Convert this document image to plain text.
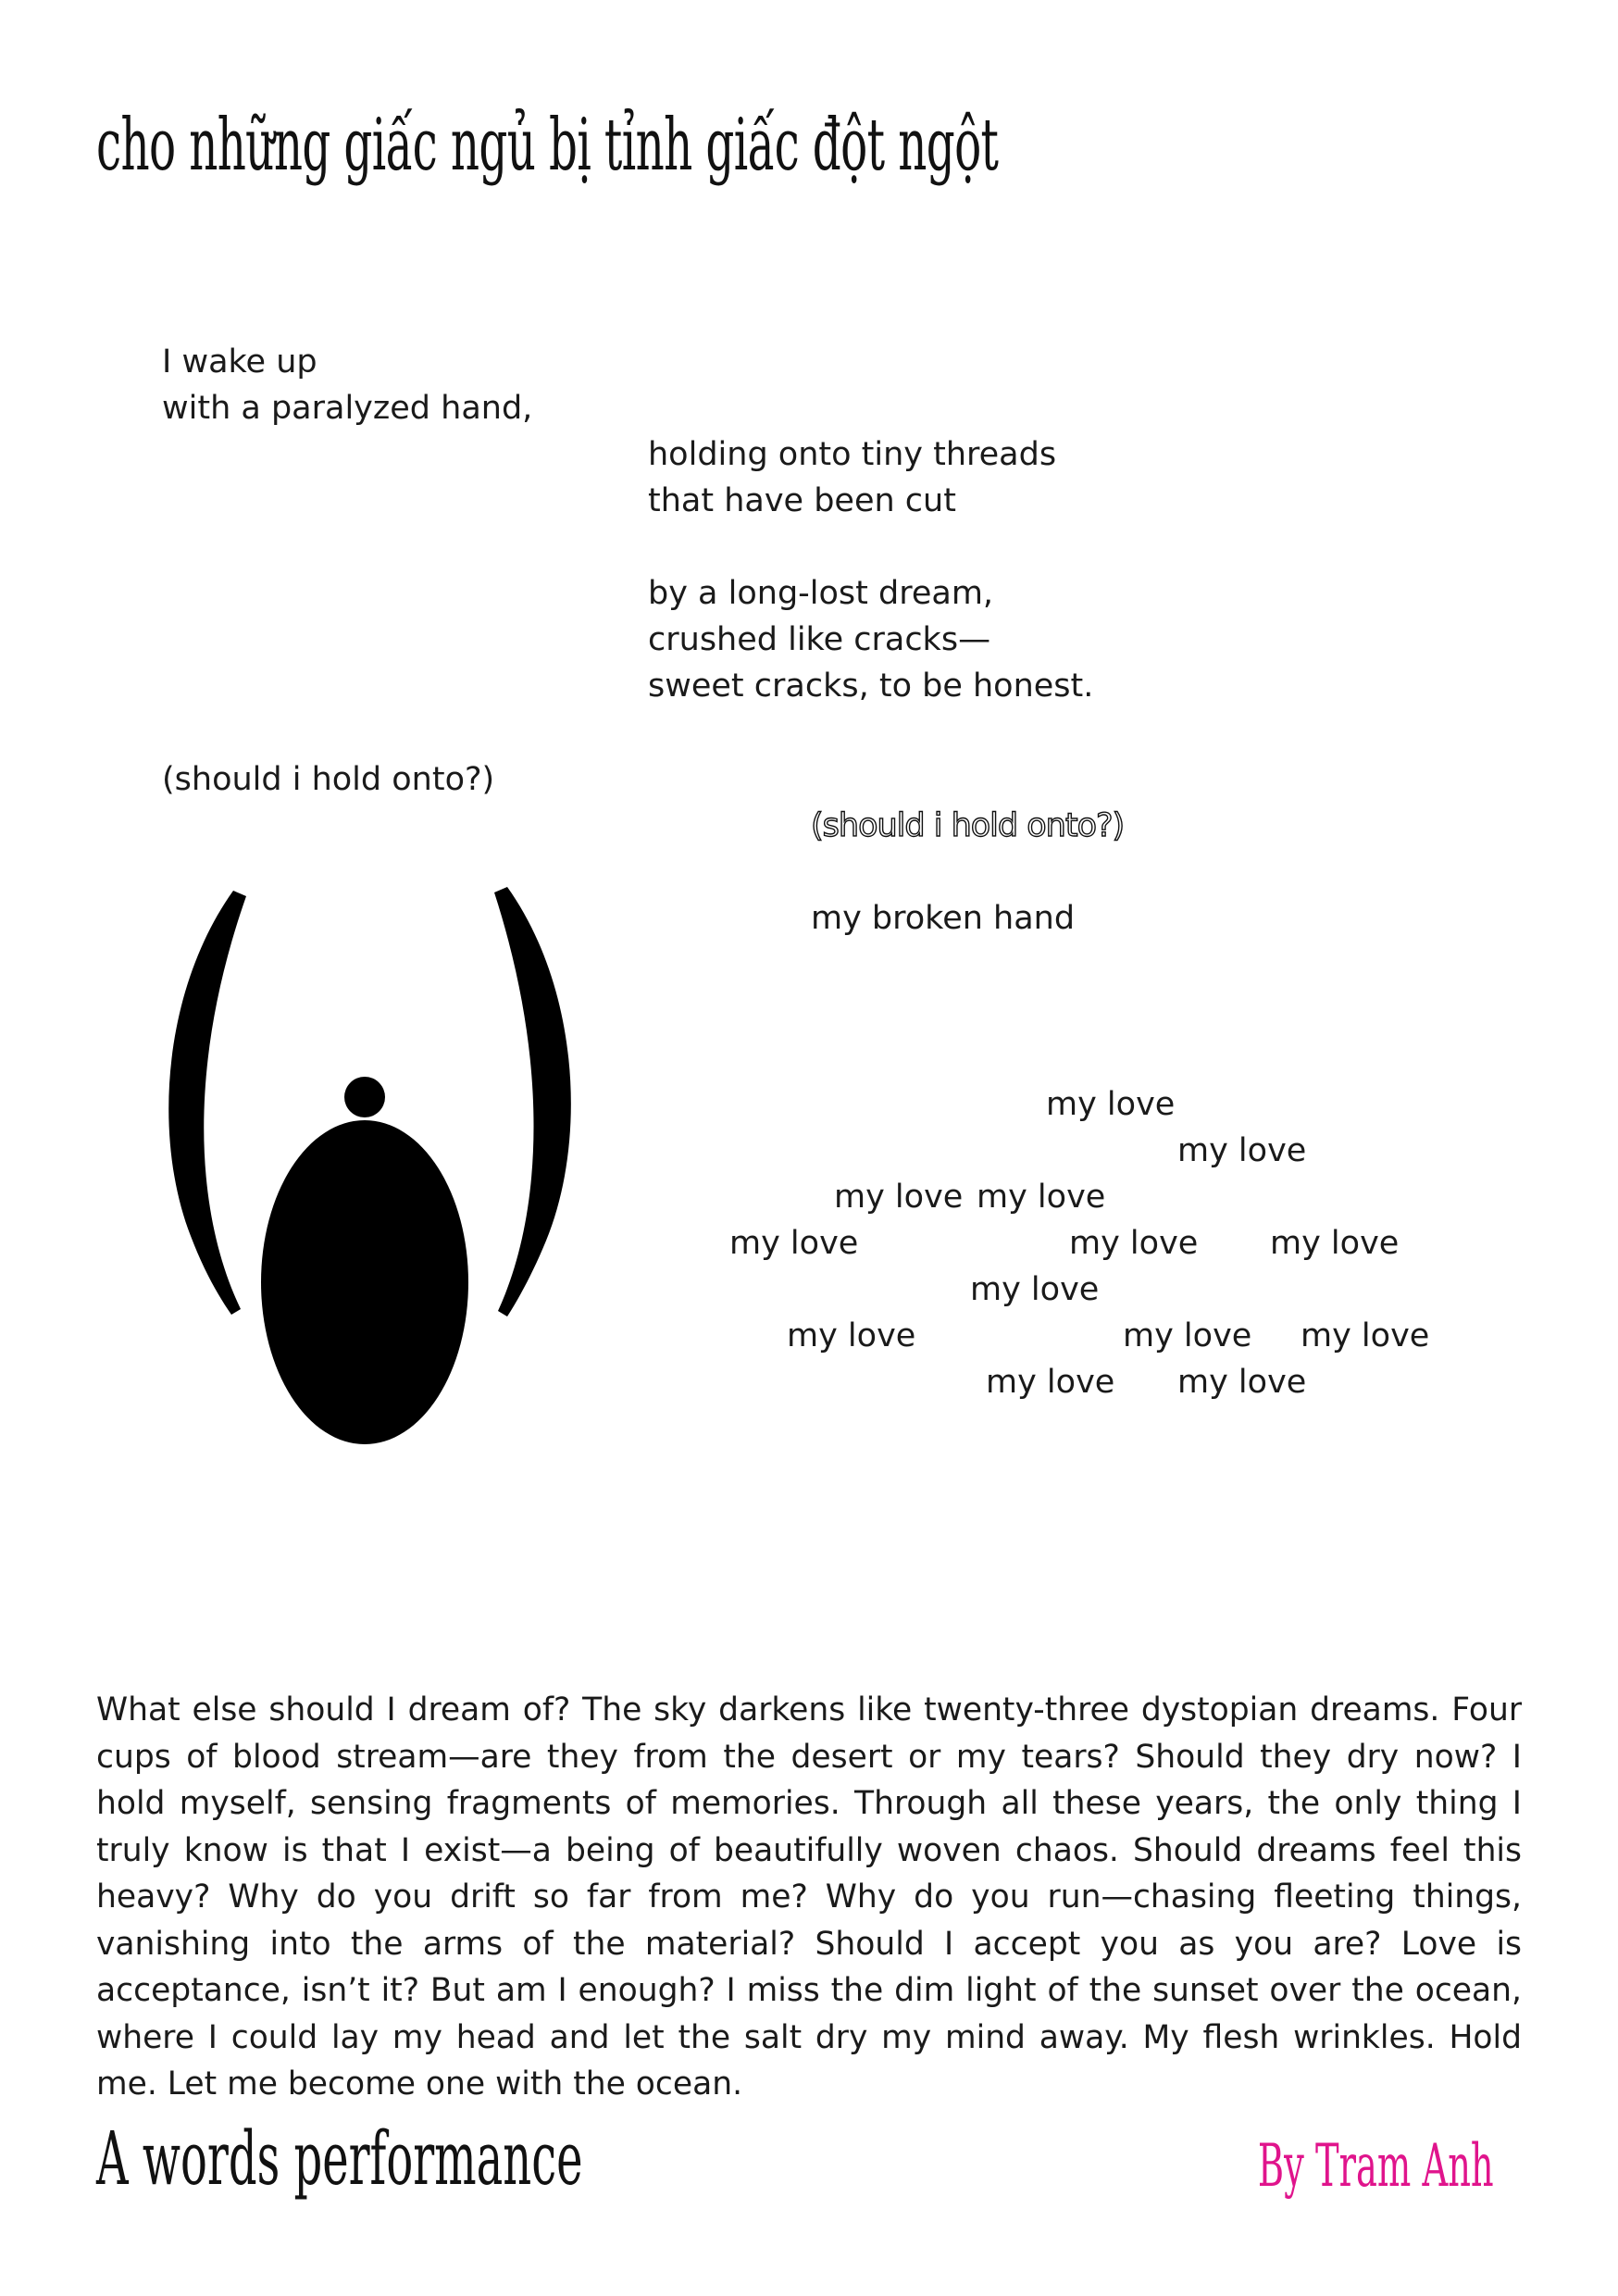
cho những giấc ngủ bị tỉnh giấc đột ngột
I wake up
with a paralyzed hand,
holding onto tiny threads
that have been cut
by a long-lost dream,
crushed like cracks—
sweet cracks, to be honest.
(should i hold onto?)
(should i hold onto?)
my broken hand
my love
my love
my love my love
my love	my love my love
my love
my love	my love my love
my love my love

What else should I dream of? The sky darkens like twenty-three dystopian dreams. Four cups of blood stream—are they from the desert or my tears? Should they dry now? I hold myself, sensing fragments of memories. Through all these years, the only thing I truly know is that I exist—a being of beautifully woven chaos. Should dreams feel this heavy? Why do you drift so far from me? Why do you run—chasing fleeting things, vanishing into the arms of the material? Should I accept you as you are? Love is acceptance, isn’t it? But am I enough? I miss the dim light of the sunset over the ocean, where I could lay my head and let the salt dry my mind away. My flesh wrinkles. Hold me. Let me become one with the ocean.

A words performance	By Tram Anh
